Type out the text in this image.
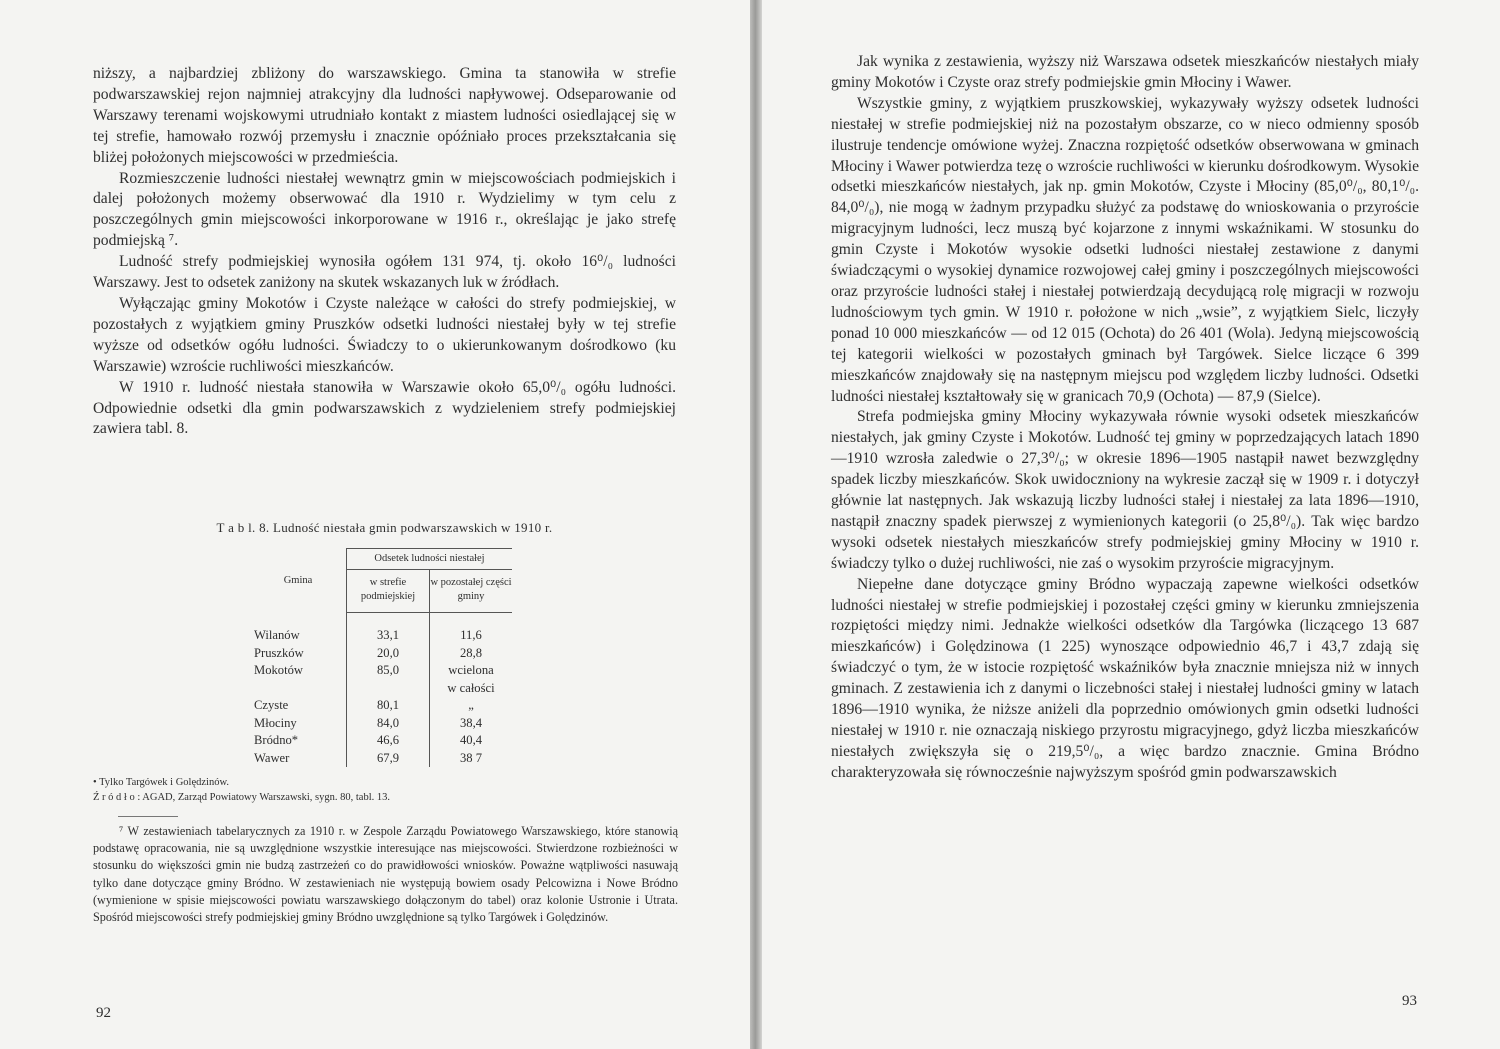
niższy, a najbardziej zbliżony do warszawskiego. Gmina ta stanowiła w strefie podwarszawskiej rejon najmniej atrakcyjny dla ludności napływowej. Odseparowanie od Warszawy terenami wojskowymi utrudniało kontakt z miastem ludności osiedlającej się w tej strefie, hamowało rozwój przemysłu i znacznie opóźniało proces przekształcania się bliżej położonych miejscowości w przedmieścia.

Rozmieszczenie ludności niestałej wewnątrz gmin w miejscowościach podmiejskich i dalej położonych możemy obserwować dla 1910 r. Wydzielimy w tym celu z poszczególnych gmin miejscowości inkorporowane w 1916 r., określając je jako strefę podmiejską ⁷.

Ludność strefy podmiejskiej wynosiła ogółem 131 974, tj. około 16⁰/₀ ludności Warszawy. Jest to odsetek zaniżony na skutek wskazanych luk w źródłach.

Wyłączając gminy Mokotów i Czyste należące w całości do strefy podmiejskiej, w pozostałych z wyjątkiem gminy Pruszków odsetki ludności niestałej były w tej strefie wyższe od odsetków ogółu ludności. Świadczy to o ukierunkowanym dośrodkowo (ku Warszawie) wzroście ruchliwości mieszkańców.

W 1910 r. ludność niestała stanowiła w Warszawie około 65,0⁰/₀ ogółu ludności. Odpowiednie odsetki dla gmin podwarszawskich z wydzieleniem strefy podmiejskiej zawiera tabl. 8.

T a b l. 8. Ludność niestała gmin podwarszawskich w 1910 r.
Gmina	Odsetek ludności niestałej	
	w strefie podmiejskiej	w pozostałej części gminy

Wilanów	33,1	11,6
Pruszków	20,0	28,8
Mokotów	85,0	wcielona
		w całości
Czyste	80,1	„
Młociny	84,0	38,4
Bródno*	46,6	40,4
Wawer	67,9	38 7
• Tylko Targówek i Golędzinów.
Ź r ó d ł o : AGAD, Zarząd Powiatowy Warszawski, sygn. 80, tabl. 13.

⁷ W zestawieniach tabelarycznych za 1910 r. w Zespole Zarządu Powiatowego Warszawskiego, które stanowią podstawę opracowania, nie są uwzględnione wszystkie interesujące nas miejscowości. Stwierdzone rozbieżności w stosunku do większości gmin nie budzą zastrzeżeń co do prawidłowości wniosków. Poważne wątpliwości nasuwają tylko dane dotyczące gminy Bródno. W zestawieniach nie występują bowiem osady Pelcowizna i Nowe Bródno (wymienione w spisie miejscowości powiatu warszawskiego dołączonym do tabel) oraz kolonie Ustronie i Utrata. Spośród miejscowości strefy podmiejskiej gminy Bródno uwzględnione są tylko Targówek i Golędzinów.

92

Jak wynika z zestawienia, wyższy niż Warszawa odsetek mieszkańców niestałych miały gminy Mokotów i Czyste oraz strefy podmiejskie gmin Młociny i Wawer.

Wszystkie gminy, z wyjątkiem pruszkowskiej, wykazywały wyższy odsetek ludności niestałej w strefie podmiejskiej niż na pozostałym obszarze, co w nieco odmienny sposób ilustruje tendencje omówione wyżej. Znaczna rozpiętość odsetków obserwowana w gminach Młociny i Wawer potwierdza tezę o wzroście ruchliwości w kierunku dośrodkowym. Wysokie odsetki mieszkańców niestałych, jak np. gmin Mokotów, Czyste i Młociny (85,0⁰/₀, 80,1⁰/₀. 84,0⁰/₀), nie mogą w żadnym przypadku służyć za podstawę do wnioskowania o przyroście migracyjnym ludności, lecz muszą być kojarzone z innymi wskaźnikami. W stosunku do gmin Czyste i Mokotów wysokie odsetki ludności niestałej zestawione z danymi świadczącymi o wysokiej dynamice rozwojowej całej gminy i poszczególnych miejscowości oraz przyroście ludności stałej i niestałej potwierdzają decydującą rolę migracji w rozwoju ludnościowym tych gmin. W 1910 r. położone w nich „wsie”, z wyjątkiem Sielc, liczyły ponad 10 000 mieszkańców — od 12 015 (Ochota) do 26 401 (Wola). Jedyną miejscowością tej kategorii wielkości w pozostałych gminach był Targówek. Sielce liczące 6 399 mieszkańców znajdowały się na następnym miejscu pod względem liczby ludności. Odsetki ludności niestałej kształtowały się w granicach 70,9 (Ochota) — 87,9 (Sielce).

Strefa podmiejska gminy Młociny wykazywała równie wysoki odsetek mieszkańców niestałych, jak gminy Czyste i Mokotów. Ludność tej gminy w poprzedzających latach 1890—1910 wzrosła zaledwie o 27,3⁰/₀; w okresie 1896—1905 nastąpił nawet bezwzględny spadek liczby mieszkańców. Skok uwidoczniony na wykresie zaczął się w 1909 r. i dotyczył głównie lat następnych. Jak wskazują liczby ludności stałej i niestałej za lata 1896—1910, nastąpił znaczny spadek pierwszej z wymienionych kategorii (o 25,8⁰/₀). Tak więc bardzo wysoki odsetek niestałych mieszkańców strefy podmiejskiej gminy Młociny w 1910 r. świadczy tylko o dużej ruchliwości, nie zaś o wysokim przyroście migracyjnym.

Niepełne dane dotyczące gminy Bródno wypaczają zapewne wielkości odsetków ludności niestałej w strefie podmiejskiej i pozostałej części gminy w kierunku zmniejszenia rozpiętości między nimi. Jednakże wielkości odsetków dla Targówka (liczącego 13 687 mieszkańców) i Golędzinowa (1 225) wynoszące odpowiednio 46,7 i 43,7 zdają się świadczyć o tym, że w istocie rozpiętość wskaźników była znacznie mniejsza niż w innych gminach. Z zestawienia ich z danymi o liczebności stałej i niestałej ludności gminy w latach 1896—1910 wynika, że niższe aniżeli dla poprzednio omówionych gmin odsetki ludności niestałej w 1910 r. nie oznaczają niskiego przyrostu migracyjnego, gdyż liczba mieszkańców niestałych zwiększyła się o 219,5⁰/₀, a więc bardzo znacznie. Gmina Bródno charakteryzowała się równocześnie najwyższym spośród gmin podwarszawskich

93
